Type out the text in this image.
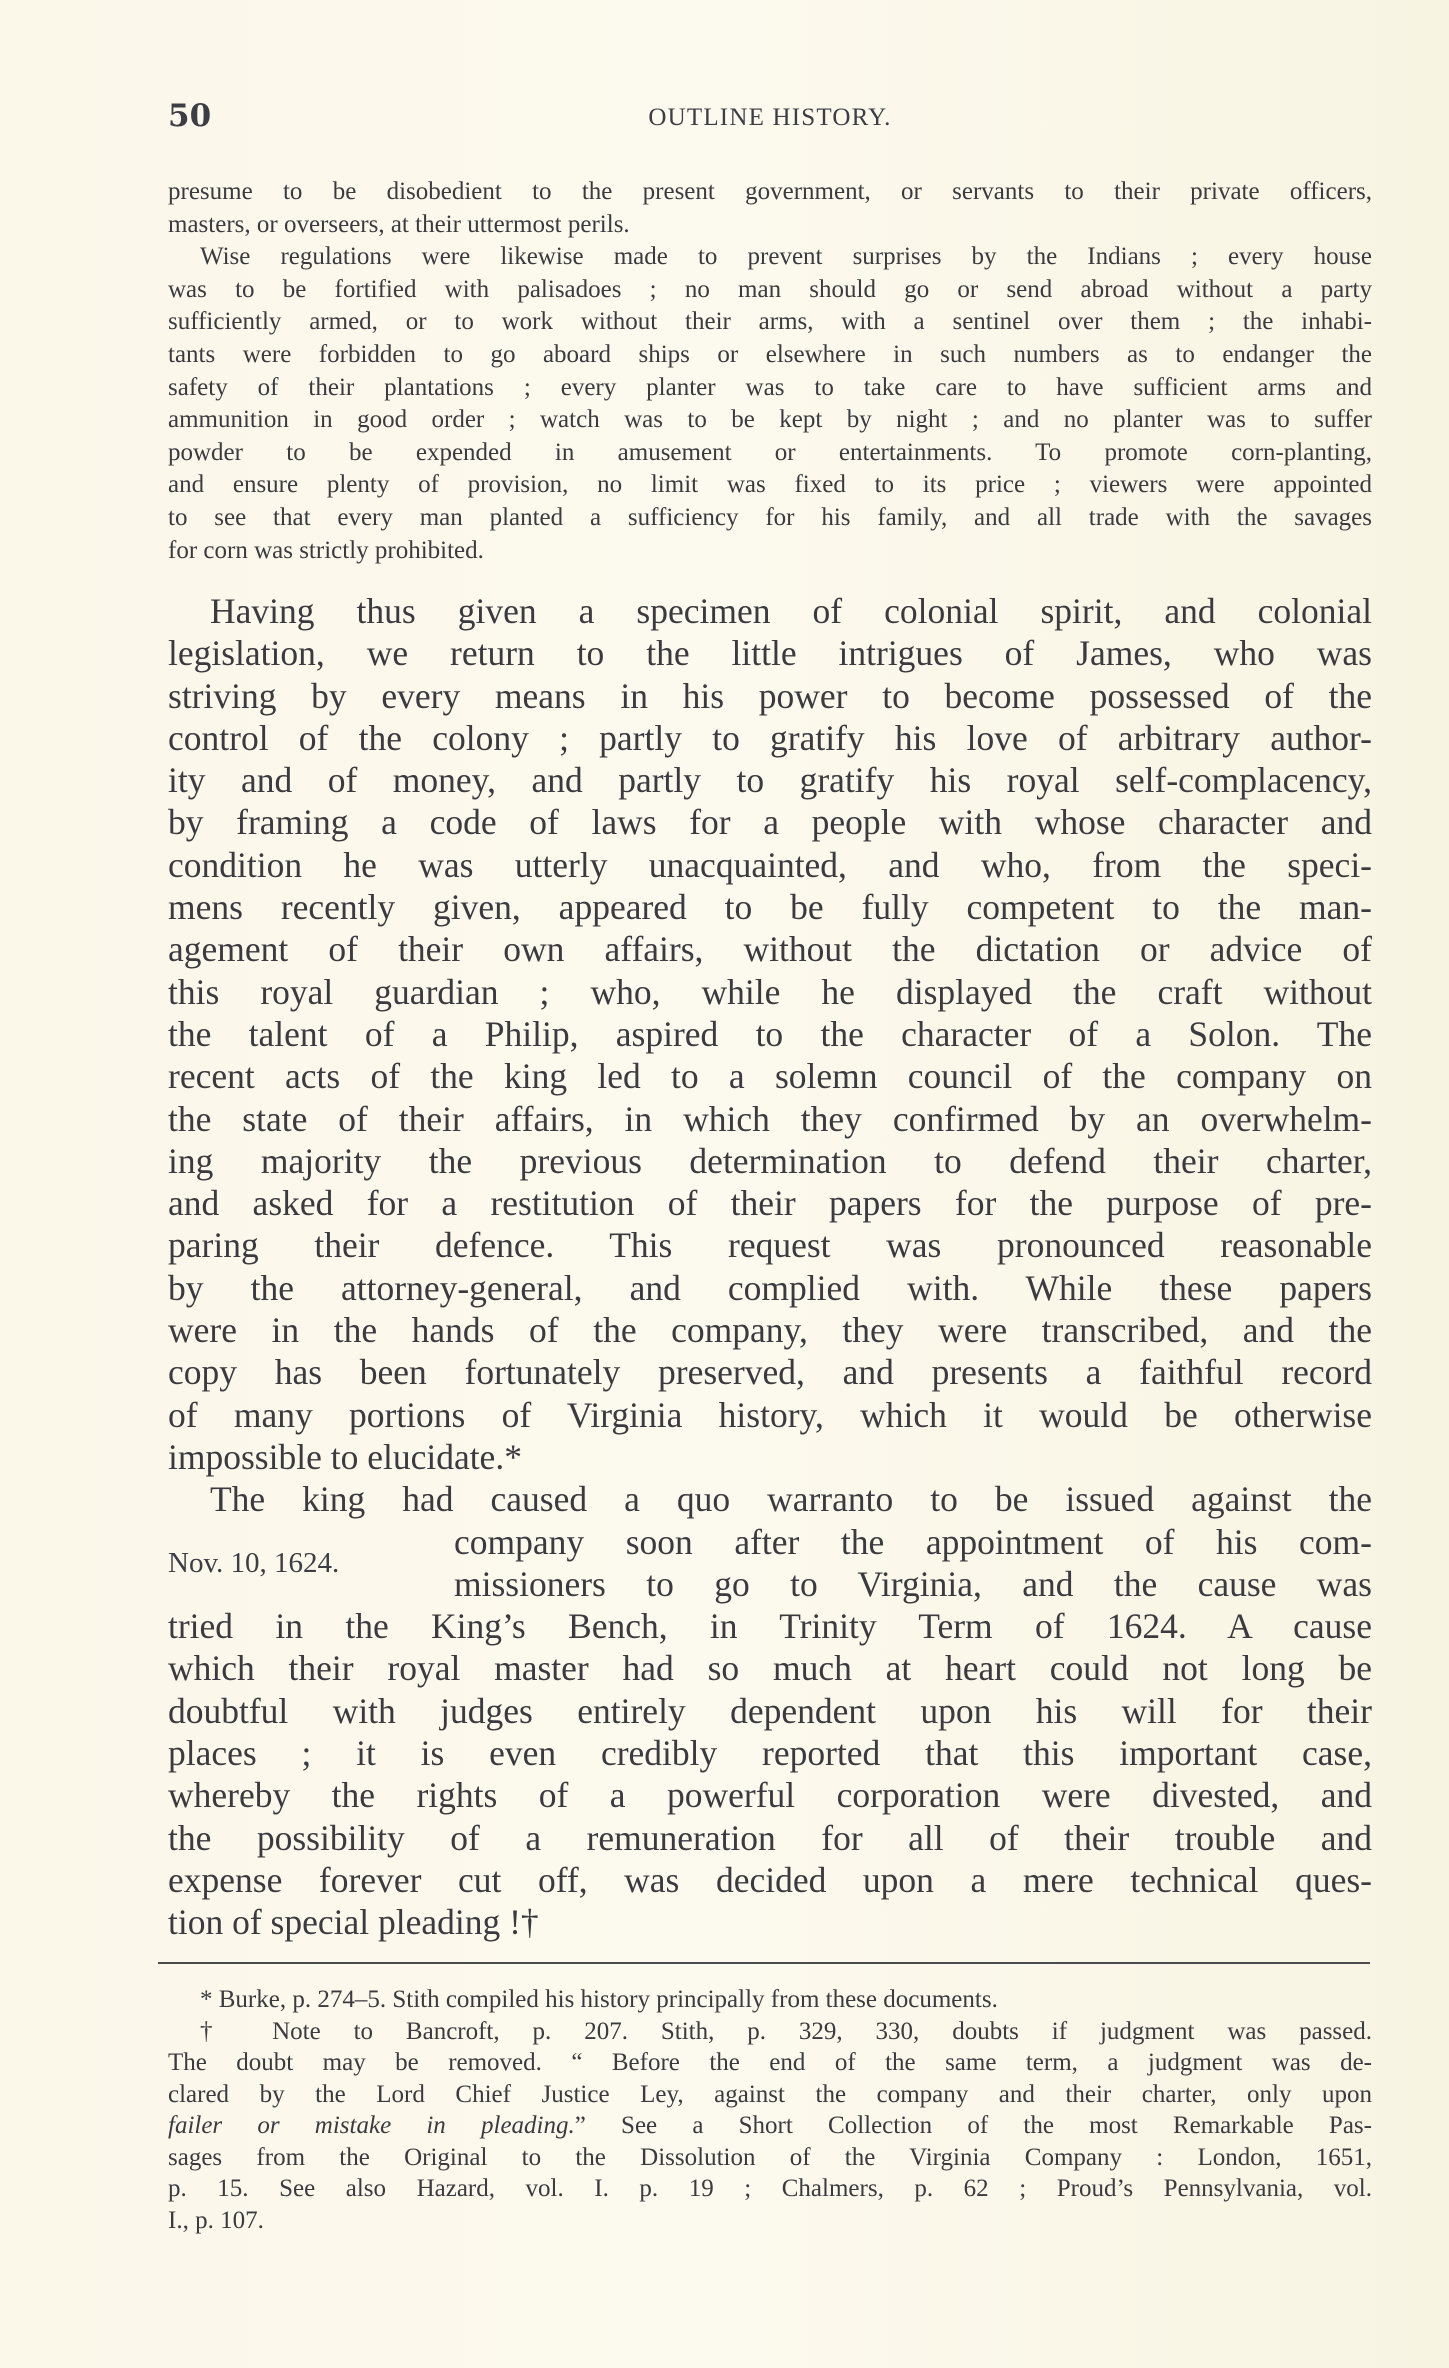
50	OUTLINE HISTORY.

presume to be disobedient to the present government, or servants to their private officers,
masters, or overseers, at their uttermost perils.

Wise regulations were likewise made to prevent surprises by the Indians ; every house
was to be fortified with palisadoes ; no man should go or send abroad without a party
sufficiently armed, or to work without their arms, with a sentinel over them ; the inhabi-
tants were forbidden to go aboard ships or elsewhere in such numbers as to endanger the
safety of their plantations ; every planter was to take care to have sufficient arms and
ammunition in good order ; watch was to be kept by night ; and no planter was to suffer
powder to be expended in amusement or entertainments. To promote corn-planting,
and ensure plenty of provision, no limit was fixed to its price ; viewers were appointed
to see that every man planted a sufficiency for his family, and all trade with the savages
for corn was strictly prohibited.

Having thus given a specimen of colonial spirit, and colonial
legislation, we return to the little intrigues of James, who was
striving by every means in his power to become possessed of the
control of the colony ; partly to gratify his love of arbitrary author-
ity and of money, and partly to gratify his royal self-complacency,
by framing a code of laws for a people with whose character and
condition he was utterly unacquainted, and who, from the speci-
mens recently given, appeared to be fully competent to the man-
agement of their own affairs, without the dictation or advice of
this royal guardian ; who, while he displayed the craft without
the talent of a Philip, aspired to the character of a Solon. The
recent acts of the king led to a solemn council of the company on
the state of their affairs, in which they confirmed by an overwhelm-
ing majority the previous determination to defend their charter,
and asked for a restitution of their papers for the purpose of pre-
paring their defence. This request was pronounced reasonable
by the attorney-general, and complied with. While these papers
were in the hands of the company, they were transcribed, and the
copy has been fortunately preserved, and presents a faithful record
of many portions of Virginia history, which it would be otherwise
impossible to elucidate.*

The king had caused a quo warranto to be issued against the
Nov. 10, 1624.
company soon after the appointment of his com-
missioners to go to Virginia, and the cause was
tried in the King’s Bench, in Trinity Term of 1624. A cause
which their royal master had so much at heart could not long be
doubtful with judges entirely dependent upon his will for their
places ; it is even credibly reported that this important case,
whereby the rights of a powerful corporation were divested, and
the possibility of a remuneration for all of their trouble and
expense forever cut off, was decided upon a mere technical ques-
tion of special pleading !†

* Burke, p. 274–5. Stith compiled his history principally from these documents.

† Note to Bancroft, p. 207. Stith, p. 329, 330, doubts if judgment was passed.
The doubt may be removed. “ Before the end of the same term, a judgment was de-
clared by the Lord Chief Justice Ley, against the company and their charter, only upon
failer or mistake in pleading.” See a Short Collection of the most Remarkable Pas-
sages from the Original to the Dissolution of the Virginia Company : London, 1651,
p. 15. See also Hazard, vol. I. p. 19 ; Chalmers, p. 62 ; Proud’s Pennsylvania, vol.
I., p. 107.
